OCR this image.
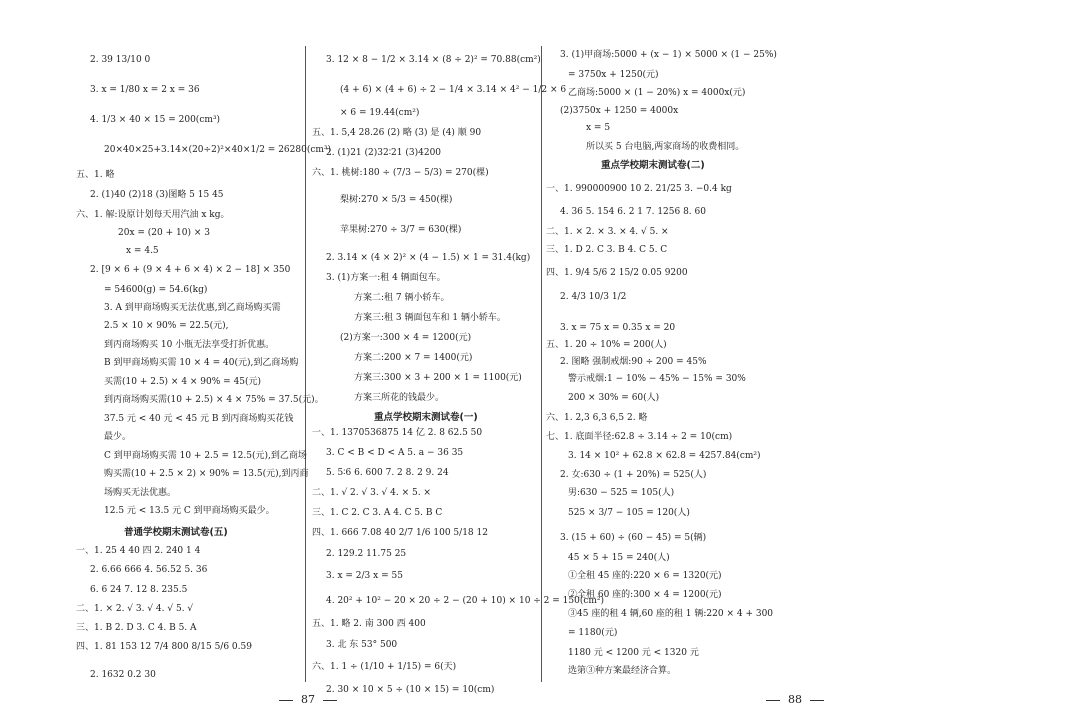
2. 39 13/10 0
3. x = 1/80 x = 2 x = 36
4. 1/3 × 40 × 15 = 200(cm³)
20×40×25+3.14×(20÷2)²×40×1/2 = 26280(cm³)
五、1. 略
2. (1)40 (2)18 (3)图略 5 15 45
六、1. 解:设原计划每天用汽油 x kg。
20x = (20 + 10) × 3
x = 4.5
2. [9 × 6 + (9 × 4 + 6 × 4) × 2 − 18] × 350
= 54600(g) = 54.6(kg)
3. A 到甲商场购买无法优惠,到乙商场购买需
2.5 × 10 × 90% = 22.5(元),
到丙商场购买 10 小瓶无法享受打折优惠。
B 到甲商场购买需 10 × 4 = 40(元),到乙商场购
买需(10 + 2.5) × 4 × 90% = 45(元)
到丙商场购买需(10 + 2.5) × 4 × 75% = 37.5(元)。
37.5 元 < 40 元 < 45 元 B 到丙商场购买花钱
最少。
C 到甲商场购买需 10 + 2.5 = 12.5(元),到乙商场
购买需(10 + 2.5 × 2) × 90% = 13.5(元),到丙商
场购买无法优惠。
12.5 元 < 13.5 元 C 到甲商场购买最少。
普通学校期末测试卷(五)
一、1. 25 4 40 四 2. 240 1 4
2. 6.66 666 4. 56.52 5. 36
6. 6 24 7. 12 8. 235.5
二、1. × 2. √ 3. √ 4. √ 5. √
三、1. B 2. D 3. C 4. B 5. A
四、1. 81 153 12 7/4 800 8/15 5/6 0.59
2. 1632 0.2 30
3. 12 × 8 − 1/2 × 3.14 × (8 ÷ 2)² = 70.88(cm²)
(4 + 6) × (4 + 6) ÷ 2 − 1/4 × 3.14 × 4² − 1/2 × 6
× 6 = 19.44(cm²)
五、1. 5,4 28.26 (2) 略 (3) 是 (4) 顺 90
2. (1)21 (2)32∶21 (3)4200
六、1. 桃树:180 ÷ (7/3 − 5/3) = 270(棵)
梨树:270 × 5/3 = 450(棵)
苹果树:270 ÷ 3/7 = 630(棵)
2. 3.14 × (4 × 2)² × (4 − 1.5) × 1 = 31.4(kg)
3. (1)方案一:租 4 辆面包车。
方案二:租 7 辆小轿车。
方案三:租 3 辆面包车和 1 辆小轿车。
(2)方案一:300 × 4 = 1200(元)
方案二:200 × 7 = 1400(元)
方案三:300 × 3 + 200 × 1 = 1100(元)
方案三所花的钱最少。
重点学校期末测试卷(一)
一、1. 1370536875 14 亿 2. 8 62.5 50
3. C < B < D < A 5. a − 36 35
5. 5∶6 6. 600 7. 2 8. 2 9. 24
二、1. √ 2. √ 3. √ 4. × 5. ×
三、1. C 2. C 3. A 4. C 5. B C
四、1. 666 7.08 40 2/7 1/6 100 5/18 12
2. 129.2 11.75 25
3. x = 2/3 x = 55
4. 20² + 10² − 20 × 20 ÷ 2 − (20 + 10) × 10 ÷ 2 = 150(cm²)
五、1. 略 2. 南 300 西 400
3. 北 东 53° 500
六、1. 1 ÷ (1/10 + 1/15) = 6(天)
2. 30 × 10 × 5 ÷ (10 × 15) = 10(cm)
3. (1)甲商场:5000 + (x − 1) × 5000 × (1 − 25%)
= 3750x + 1250(元)
乙商场:5000 × (1 − 20%) x = 4000x(元)
(2)3750x + 1250 = 4000x
x = 5
所以买 5 台电脑,两家商场的收费相同。
重点学校期末测试卷(二)
一、1. 990000900 10 2. 21/25 3. −0.4 kg
4. 36 5. 154 6. 2 1 7. 1256 8. 60
二、1. × 2. × 3. × 4. √ 5. ×
三、1. D 2. C 3. B 4. C 5. C
四、1. 9/4 5/6 2 15/2 0.05 9200
2. 4/3 10/3 1/2
3. x = 75 x = 0.35 x = 20
五、1. 20 ÷ 10% = 200(人)
2. 图略 强制戒烟:90 ÷ 200 = 45%
警示戒烟:1 − 10% − 45% − 15% = 30%
200 × 30% = 60(人)
六、1. 2,3 6,3 6,5 2. 略
七、1. 底面半径:62.8 ÷ 3.14 ÷ 2 = 10(cm)
3. 14 × 10² + 62.8 × 62.8 = 4257.84(cm²)
2. 女:630 ÷ (1 + 20%) = 525(人)
男:630 − 525 = 105(人)
525 × 3/7 − 105 = 120(人)
3. (15 + 60) ÷ (60 − 45) = 5(辆)
45 × 5 + 15 = 240(人)
①全租 45 座的:220 × 6 = 1320(元)
②全租 60 座的:300 × 4 = 1200(元)
③45 座的租 4 辆,60 座的租 1 辆:220 × 4 + 300
= 1180(元)
1180 元 < 1200 元 < 1320 元
选第③种方案最经济合算。
87	88
